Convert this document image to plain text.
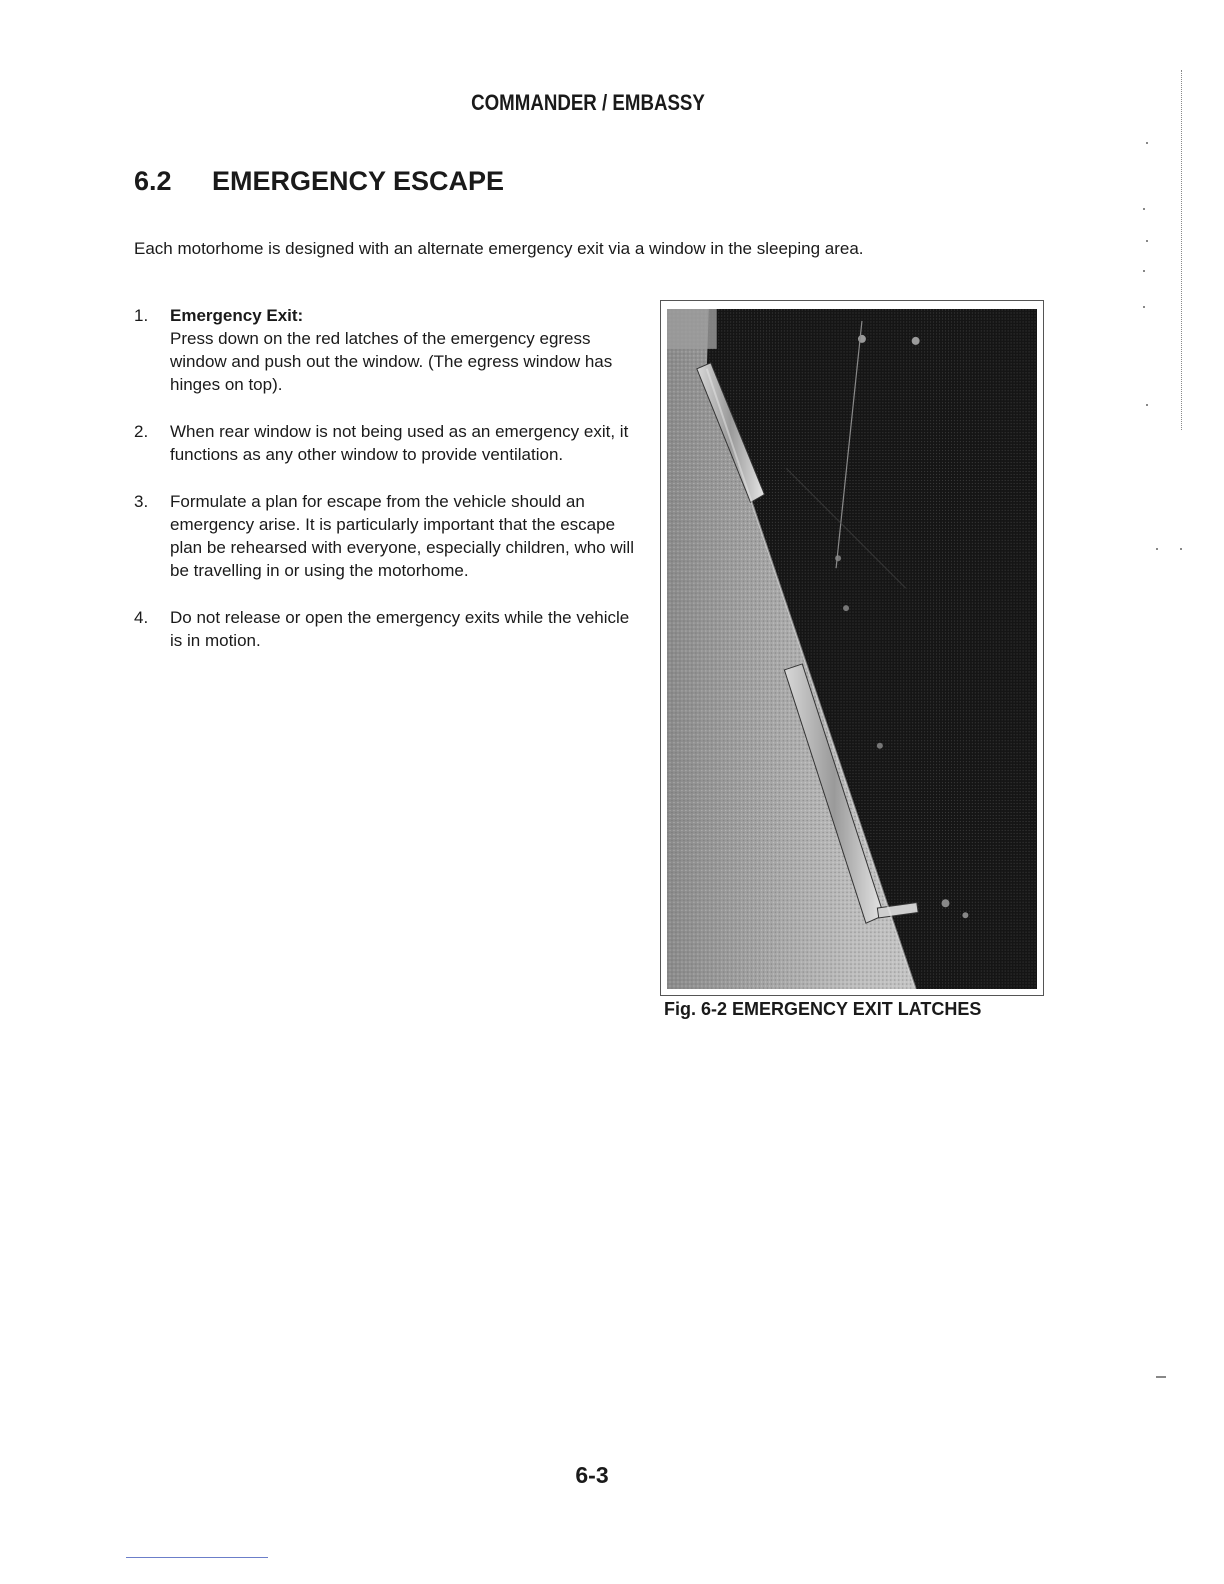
COMMANDER / EMBASSY
6.2	EMERGENCY ESCAPE
Each motorhome is designed with an alternate emergency exit via a window in the sleeping area.
1.	Emergency Exit:
Press down on the red latches of the emergency egress window and push out the window. (The egress window has hinges on top).
2.	When rear window is not being used as an emergency exit, it functions as any other window to provide ventilation.
3.	Formulate a plan for escape from the vehicle should an emergency arise. It is particularly important that the escape plan be rehearsed with everyone, especially children, who will be travelling in or using the motorhome.
4.	Do not release or open the emergency exits while the vehicle is in motion.
Fig. 6-2 EMERGENCY EXIT LATCHES
6-3
